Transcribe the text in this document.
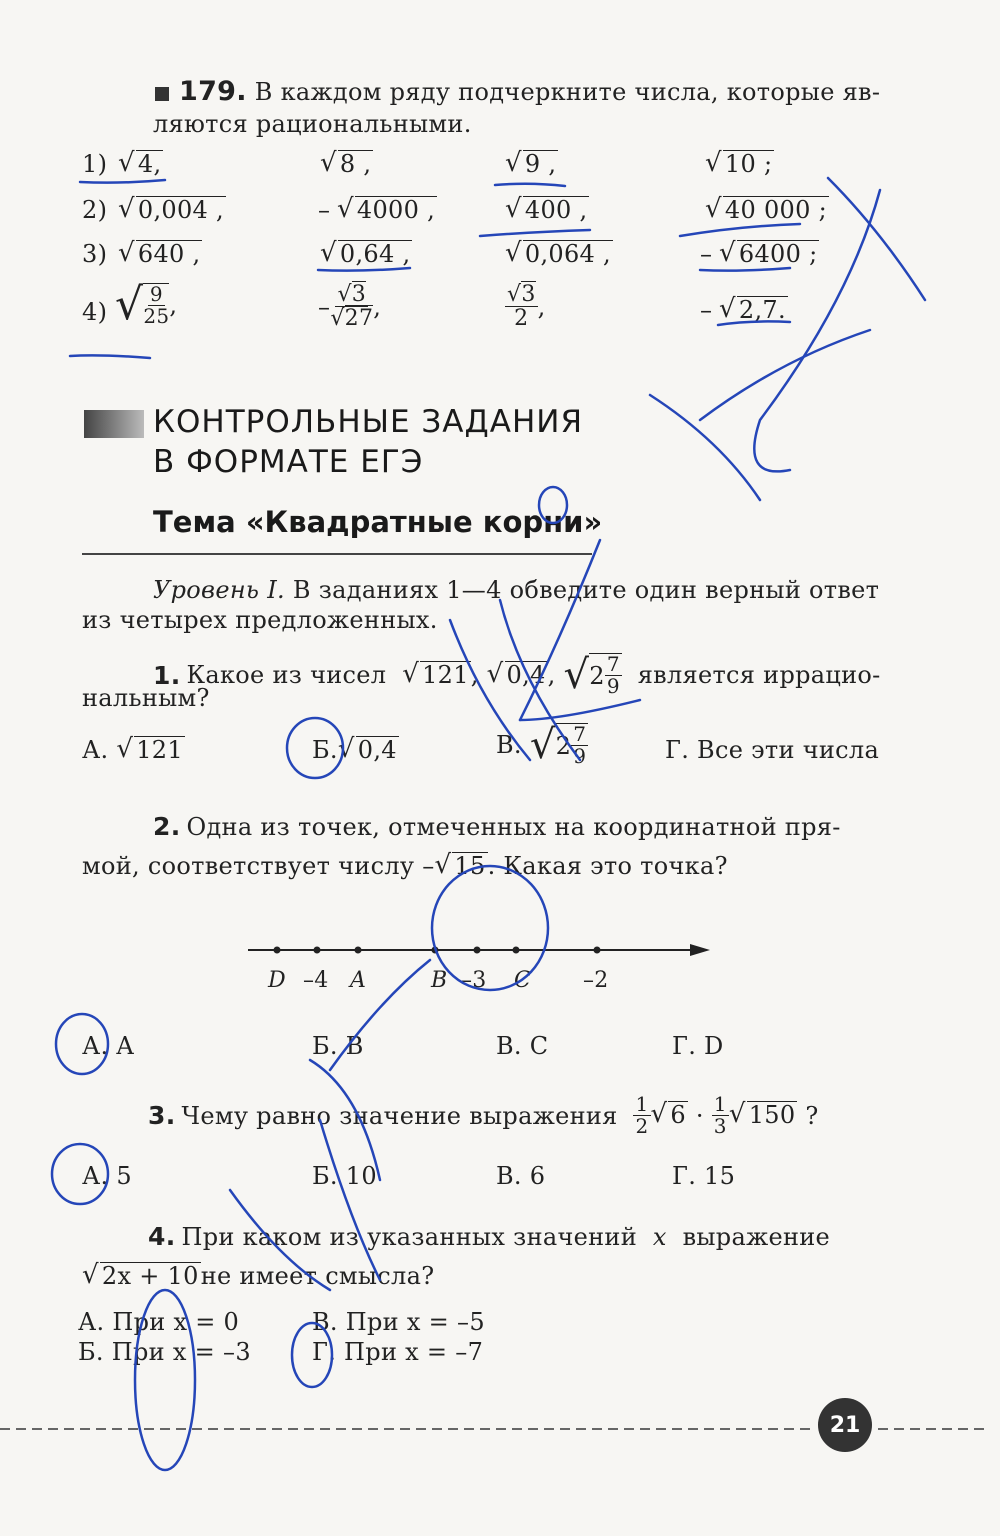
179. В каждом ряду подчеркните числа, которые яв-
ляются рациональными.
1) √ 4,	√ 8 ,	√ 9 ,	√ 10 ;
2) √ 0,004 ,	– √ 4000 ,	√ 400 ,	√ 40 000 ;
3) √ 640 ,	√ 0,64 ,	√ 0,064 ,	– √ 6400 ;
4) √ $\frac{9}{25}$ ,	– $\frac{√3}{√27}$ ,	$\frac{√3}{2}$ ,	– √ 2,7.
КОНТРОЛЬНЫЕ ЗАДАНИЯ
В ФОРМАТЕ ЕГЭ
Тема «Квадратные корни»
Уровень I. В заданиях 1—4 обведите один верный ответ
из четырех предложенных.
1. Какое из чисел
√ 121 , √ 0,4 , √ $2 \frac{7}{9}$
является иррацио-
нальным?
А.
√ 121	Б. √ 0,4	В.
√ $2 \frac{7}{9}$	Г. Все эти числа
2. Одна из точек, отмеченных на координатной пря-
мой, соответствует числу – √ 15 . Какая это точка?
D –4 A	B –3 C –2
А. A	Б. B	В. C	Г. D
3. Чему равно значение выражения
$\frac{1}{2}$ √ 6
·
$\frac{1}{3}$ √ 150
?
А. 5	Б. 10	В. 6	Г. 15
4. При каком из указанных значений x выражение
√ 2x + 10 не имеет смысла?
А. При x = 0	В. При x = –5
Б. При x = –3	Г. При x = –7
21
